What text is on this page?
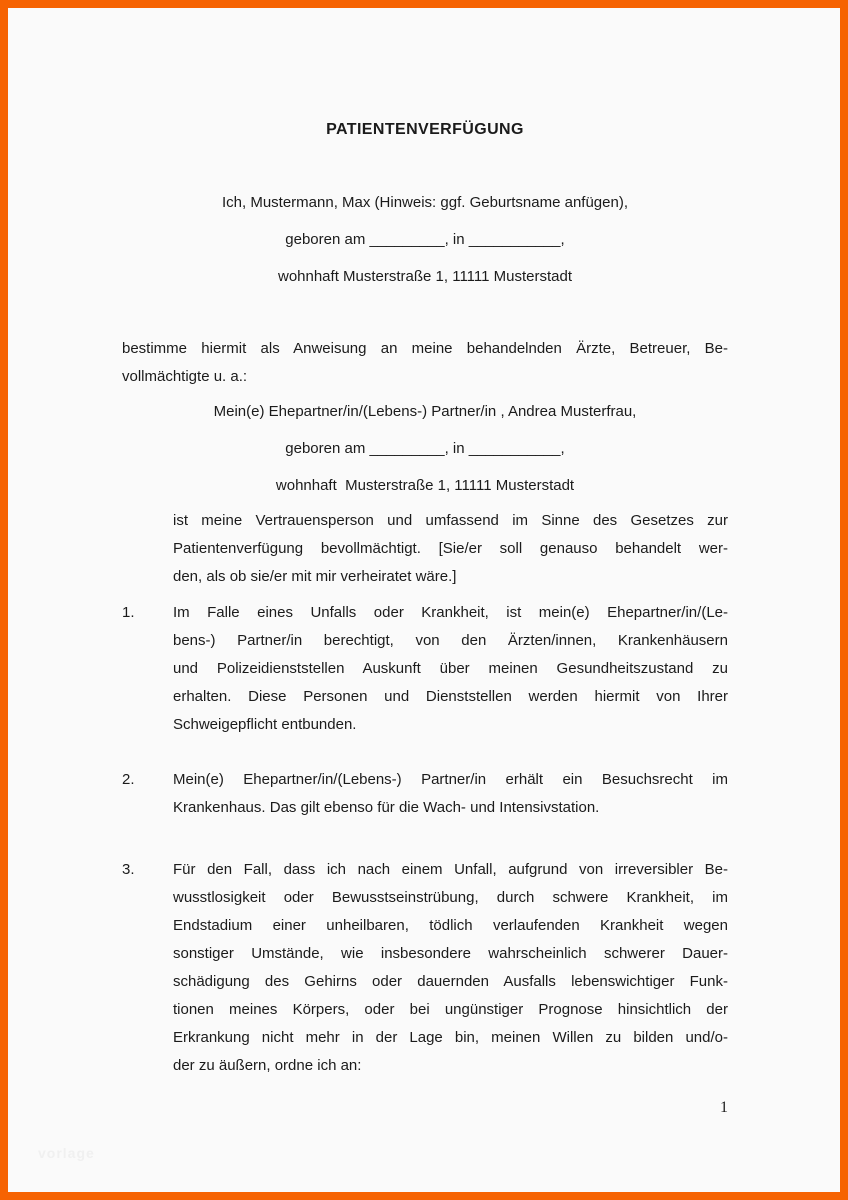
PATIENTENVERFÜGUNG
Ich, Mustermann, Max (Hinweis: ggf. Geburtsname anfügen),
geboren am _________, in ___________,
wohnhaft Musterstraße 1, 11111 Musterstadt
bestimme hiermit als Anweisung an meine behandelnden Ärzte, Betreuer, Be-
vollmächtigte u. a.:
Mein(e) Ehepartner/in/(Lebens-) Partner/in , Andrea Musterfrau,
geboren am _________, in ___________,
wohnhaft  Musterstraße 1, 11111 Musterstadt
ist meine Vertrauensperson und umfassend im Sinne des Gesetzes zur
Patientenverfügung bevollmächtigt. [Sie/er soll genauso behandelt wer-
den, als ob sie/er mit mir verheiratet wäre.]
1.	Im Falle eines Unfalls oder Krankheit, ist mein(e) Ehepartner/in/(Le-
bens-) Partner/in berechtigt, von den Ärzten/innen, Krankenhäusern
und Polizeidienststellen Auskunft über meinen Gesundheitszustand zu
erhalten. Diese Personen und Dienststellen werden hiermit von Ihrer
Schweigepflicht entbunden.
2.	Mein(e) Ehepartner/in/(Lebens-) Partner/in erhält ein Besuchsrecht im
Krankenhaus. Das gilt ebenso für die Wach- und Intensivstation.
3.	Für den Fall, dass ich nach einem Unfall, aufgrund von irreversibler Be-
wusstlosigkeit oder Bewusstseinstrübung, durch schwere Krankheit, im
Endstadium einer unheilbaren, tödlich verlaufenden Krankheit wegen
sonstiger Umstände, wie insbesondere wahrscheinlich schwerer Dauer-
schädigung des Gehirns oder dauernden Ausfalls lebenswichtiger Funk-
tionen meines Körpers, oder bei ungünstiger Prognose hinsichtlich der
Erkrankung nicht mehr in der Lage bin, meinen Willen zu bilden und/o-
der zu äußern, ordne ich an:
1
vorlage
